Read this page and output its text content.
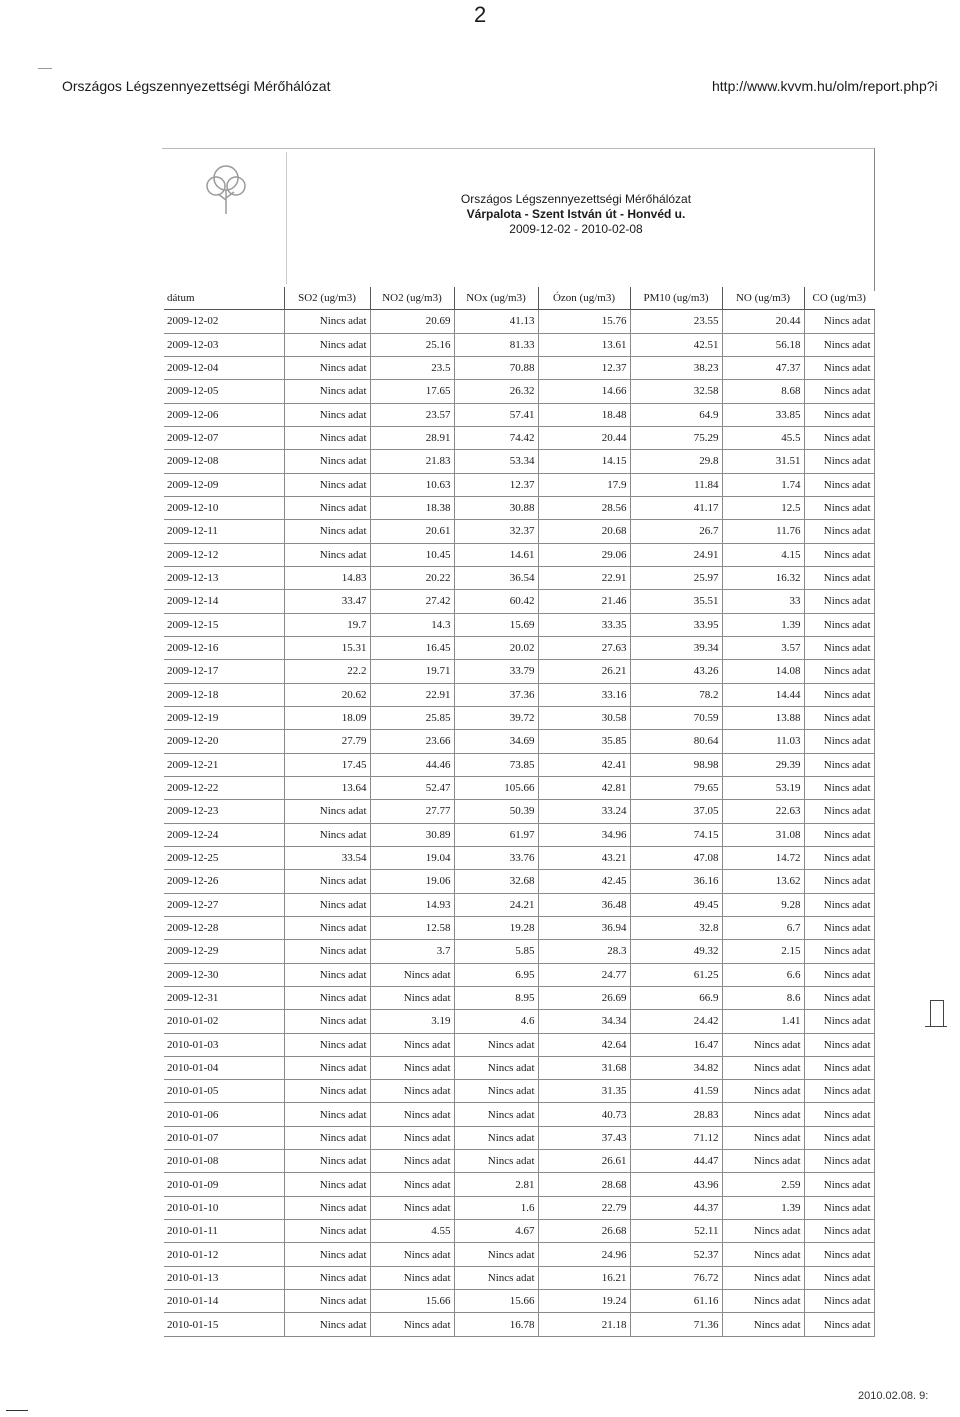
2
Országos Légszennyezettségi Mérőhálózat	http://www.kvvm.hu/olm/report.php?i
Országos Légszennyezettségi Mérőhálózat
Várpalota - Szent István út - Honvéd u.
2009-12-02 - 2010-02-08
dátum	SO2 (ug/m3)	NO2 (ug/m3)	NOx (ug/m3)	Ózon (ug/m3)	PM10 (ug/m3)	NO (ug/m3)	CO (ug/m3)
2009-12-02	Nincs adat	20.69	41.13	15.76	23.55	20.44	Nincs adat
2009-12-03	Nincs adat	25.16	81.33	13.61	42.51	56.18	Nincs adat
2009-12-04	Nincs adat	23.5	70.88	12.37	38.23	47.37	Nincs adat
2009-12-05	Nincs adat	17.65	26.32	14.66	32.58	8.68	Nincs adat
2009-12-06	Nincs adat	23.57	57.41	18.48	64.9	33.85	Nincs adat
2009-12-07	Nincs adat	28.91	74.42	20.44	75.29	45.5	Nincs adat
2009-12-08	Nincs adat	21.83	53.34	14.15	29.8	31.51	Nincs adat
2009-12-09	Nincs adat	10.63	12.37	17.9	11.84	1.74	Nincs adat
2009-12-10	Nincs adat	18.38	30.88	28.56	41.17	12.5	Nincs adat
2009-12-11	Nincs adat	20.61	32.37	20.68	26.7	11.76	Nincs adat
2009-12-12	Nincs adat	10.45	14.61	29.06	24.91	4.15	Nincs adat
2009-12-13	14.83	20.22	36.54	22.91	25.97	16.32	Nincs adat
2009-12-14	33.47	27.42	60.42	21.46	35.51	33	Nincs adat
2009-12-15	19.7	14.3	15.69	33.35	33.95	1.39	Nincs adat
2009-12-16	15.31	16.45	20.02	27.63	39.34	3.57	Nincs adat
2009-12-17	22.2	19.71	33.79	26.21	43.26	14.08	Nincs adat
2009-12-18	20.62	22.91	37.36	33.16	78.2	14.44	Nincs adat
2009-12-19	18.09	25.85	39.72	30.58	70.59	13.88	Nincs adat
2009-12-20	27.79	23.66	34.69	35.85	80.64	11.03	Nincs adat
2009-12-21	17.45	44.46	73.85	42.41	98.98	29.39	Nincs adat
2009-12-22	13.64	52.47	105.66	42.81	79.65	53.19	Nincs adat
2009-12-23	Nincs adat	27.77	50.39	33.24	37.05	22.63	Nincs adat
2009-12-24	Nincs adat	30.89	61.97	34.96	74.15	31.08	Nincs adat
2009-12-25	33.54	19.04	33.76	43.21	47.08	14.72	Nincs adat
2009-12-26	Nincs adat	19.06	32.68	42.45	36.16	13.62	Nincs adat
2009-12-27	Nincs adat	14.93	24.21	36.48	49.45	9.28	Nincs adat
2009-12-28	Nincs adat	12.58	19.28	36.94	32.8	6.7	Nincs adat
2009-12-29	Nincs adat	3.7	5.85	28.3	49.32	2.15	Nincs adat
2009-12-30	Nincs adat	Nincs adat	6.95	24.77	61.25	6.6	Nincs adat
2009-12-31	Nincs adat	Nincs adat	8.95	26.69	66.9	8.6	Nincs adat
2010-01-02	Nincs adat	3.19	4.6	34.34	24.42	1.41	Nincs adat
2010-01-03	Nincs adat	Nincs adat	Nincs adat	42.64	16.47	Nincs adat	Nincs adat
2010-01-04	Nincs adat	Nincs adat	Nincs adat	31.68	34.82	Nincs adat	Nincs adat
2010-01-05	Nincs adat	Nincs adat	Nincs adat	31.35	41.59	Nincs adat	Nincs adat
2010-01-06	Nincs adat	Nincs adat	Nincs adat	40.73	28.83	Nincs adat	Nincs adat
2010-01-07	Nincs adat	Nincs adat	Nincs adat	37.43	71.12	Nincs adat	Nincs adat
2010-01-08	Nincs adat	Nincs adat	Nincs adat	26.61	44.47	Nincs adat	Nincs adat
2010-01-09	Nincs adat	Nincs adat	2.81	28.68	43.96	2.59	Nincs adat
2010-01-10	Nincs adat	Nincs adat	1.6	22.79	44.37	1.39	Nincs adat
2010-01-11	Nincs adat	4.55	4.67	26.68	52.11	Nincs adat	Nincs adat
2010-01-12	Nincs adat	Nincs adat	Nincs adat	24.96	52.37	Nincs adat	Nincs adat
2010-01-13	Nincs adat	Nincs adat	Nincs adat	16.21	76.72	Nincs adat	Nincs adat
2010-01-14	Nincs adat	15.66	15.66	19.24	61.16	Nincs adat	Nincs adat
2010-01-15	Nincs adat	Nincs adat	16.78	21.18	71.36	Nincs adat	Nincs adat
2010.02.08. 9:
